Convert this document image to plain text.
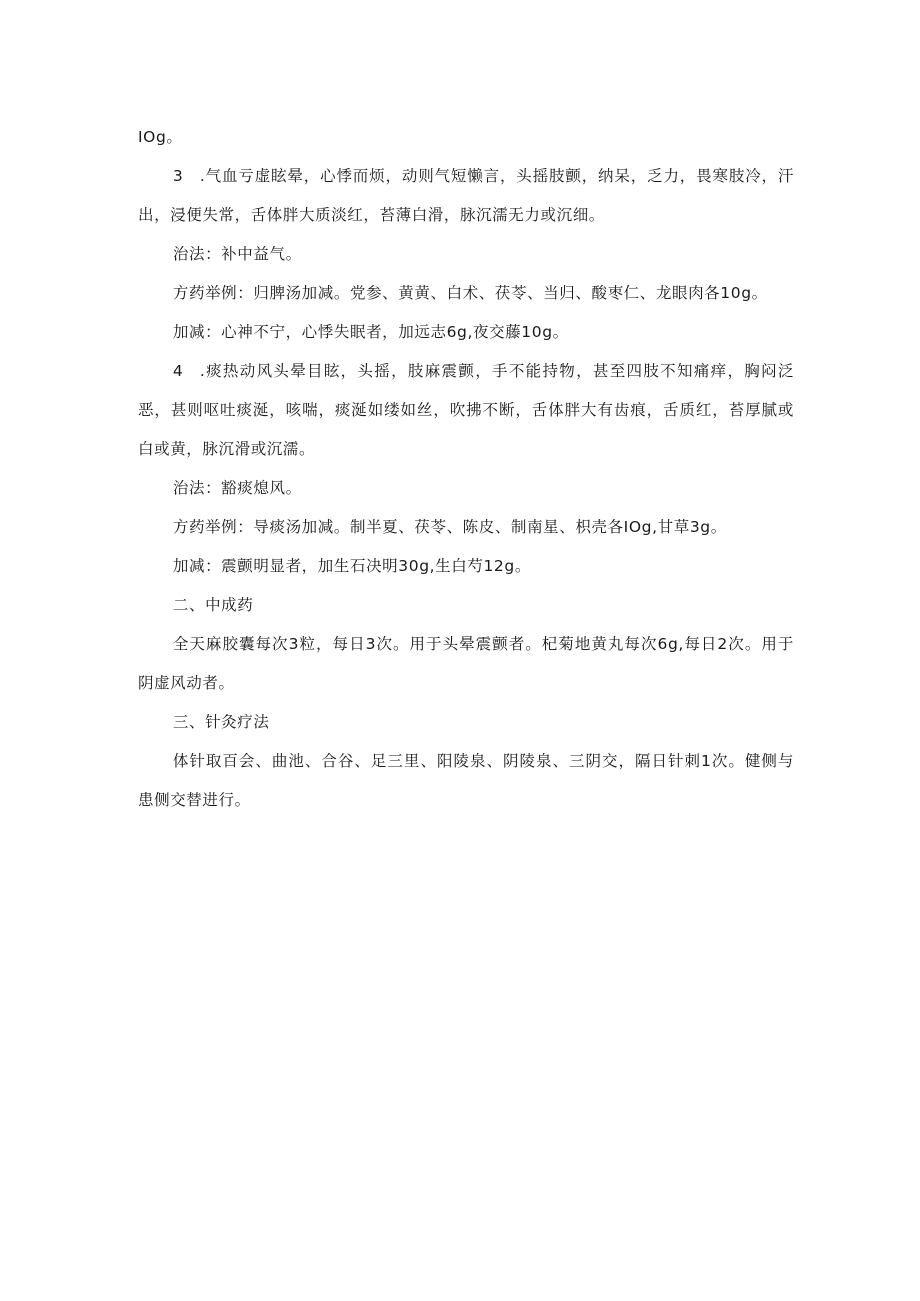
IOg。

3 .气血亏虚眩晕，心悸而烦，动则气短懒言，头摇肢颤，纳呆，乏力，畏寒肢冷，汗出，浸便失常，舌体胖大质淡红，苔薄白滑，脉沉濡无力或沉细。

治法：补中益气。

方药举例：归脾汤加减。党参、黄黄、白术、茯苓、当归、酸枣仁、龙眼肉各10g。

加减：心神不宁，心悸失眠者，加远志6g,夜交藤10g。

4 .痰热动风头晕目眩，头摇，肢麻震颤，手不能持物，甚至四肢不知痛痒，胸闷泛恶，甚则呕吐痰涎，咳喘，痰涎如缕如丝，吹拂不断，舌体胖大有齿痕，舌质红，苔厚腻或白或黄，脉沉滑或沉濡。

治法：豁痰熄风。

方药举例：导痰汤加减。制半夏、茯苓、陈皮、制南星、枳壳各IOg,甘草3g。

加减：震颤明显者，加生石决明30g,生白芍12g。

二、中成药

全天麻胶囊每次3粒，每日3次。用于头晕震颤者。杞菊地黄丸每次6g,每日2次。用于阴虚风动者。

三、针灸疗法

体针取百会、曲池、合谷、足三里、阳陵泉、阴陵泉、三阴交，隔日针刺1次。健侧与患侧交替进行。
